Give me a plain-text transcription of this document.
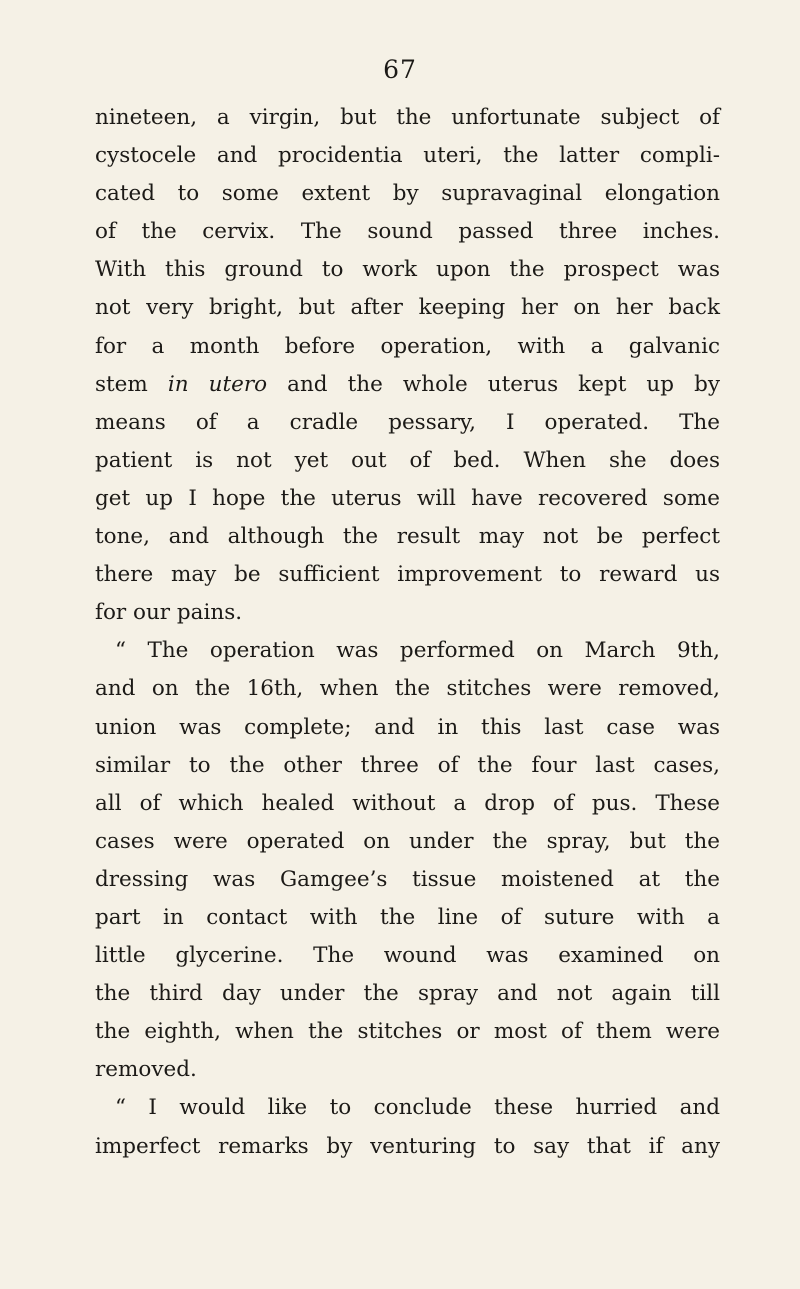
67
nineteen, a virgin, but the unfortunate subject of
cystocele and procidentia uteri, the latter compli-
cated to some extent by supravaginal elongation
of the cervix. The sound passed three inches.
With this ground to work upon the prospect was
not very bright, but after keeping her on her back
for a month before operation, with a galvanic
stem in utero and the whole uterus kept up by
means of a cradle pessary, I operated. The
patient is not yet out of bed. When she does
get up I hope the uterus will have recovered some
tone, and although the result may not be perfect
there may be sufficient improvement to reward us
for our pains.
“ The operation was performed on March 9th,
and on the 16th, when the stitches were removed,
union was complete; and in this last case was
similar to the other three of the four last cases,
all of which healed without a drop of pus. These
cases were operated on under the spray, but the
dressing was Gamgee’s tissue moistened at the
part in contact with the line of suture with a
little glycerine. The wound was examined on
the third day under the spray and not again till
the eighth, when the stitches or most of them were
removed.
“ I would like to conclude these hurried and
imperfect remarks by venturing to say that if any
